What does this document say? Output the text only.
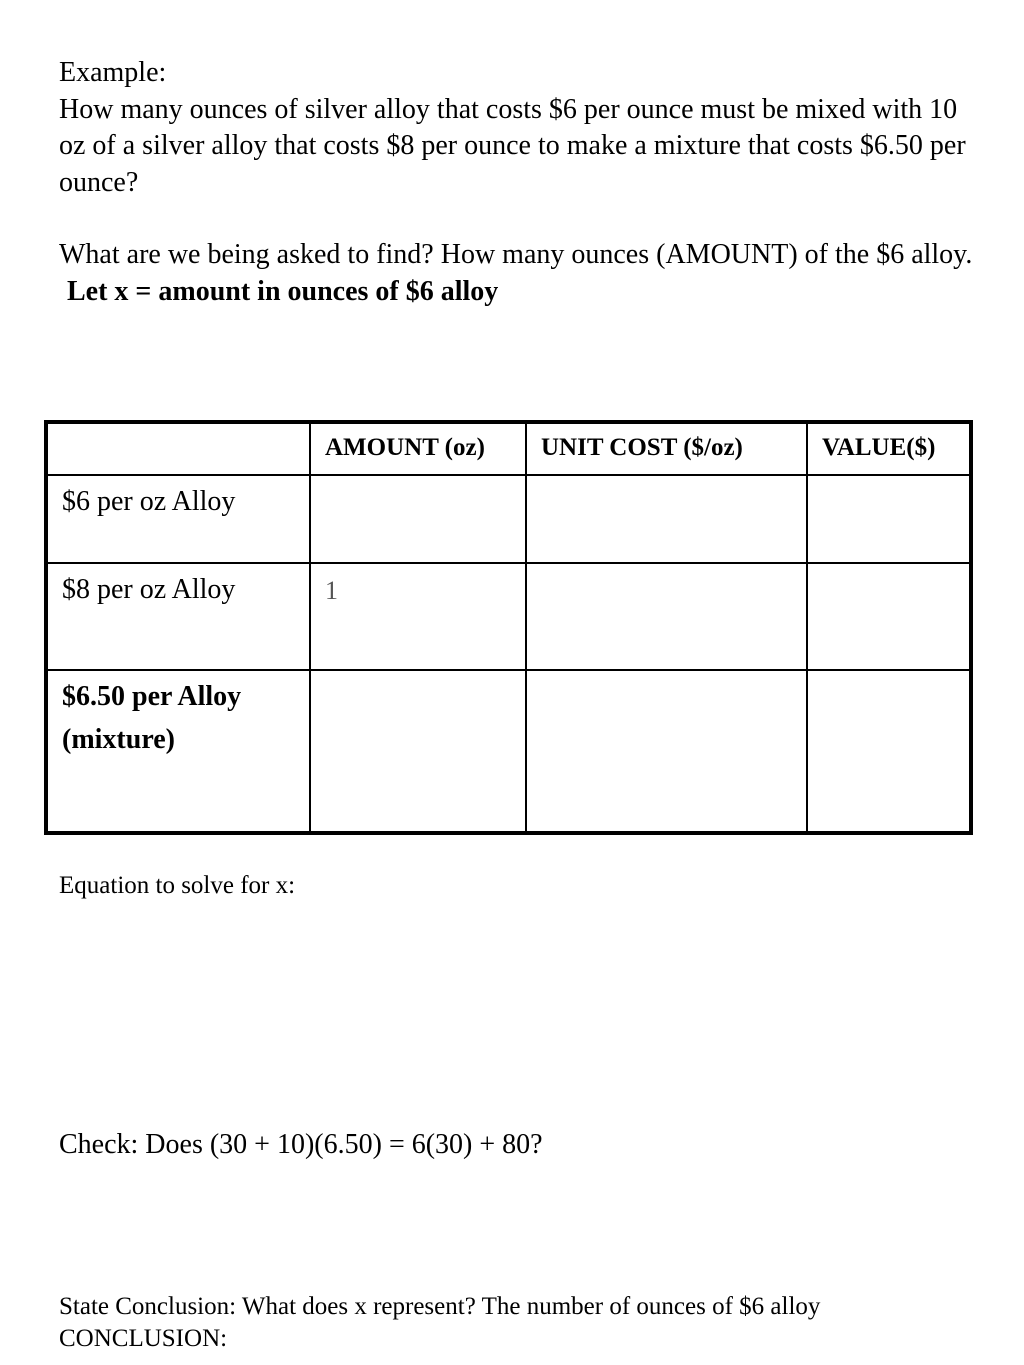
Example:

How many ounces of silver alloy that costs $6 per ounce must be mixed with 10 oz of a silver alloy that costs $8 per ounce to make a mixture that costs $6.50 per ounce?

What are we being asked to find? How many ounces (AMOUNT) of the $6 alloy.

Let x = amount in ounces of $6 alloy

	AMOUNT (oz)	UNIT COST ($/oz)	VALUE($)
$6 per oz Alloy			
$8 per oz Alloy	1		
$6.50 per Alloy (mixture)			
Equation to solve for x:
Check: Does (30 + 10)(6.50) = 6(30) + 80?

State Conclusion: What does x represent? The number of ounces of $6 alloy

CONCLUSION:
